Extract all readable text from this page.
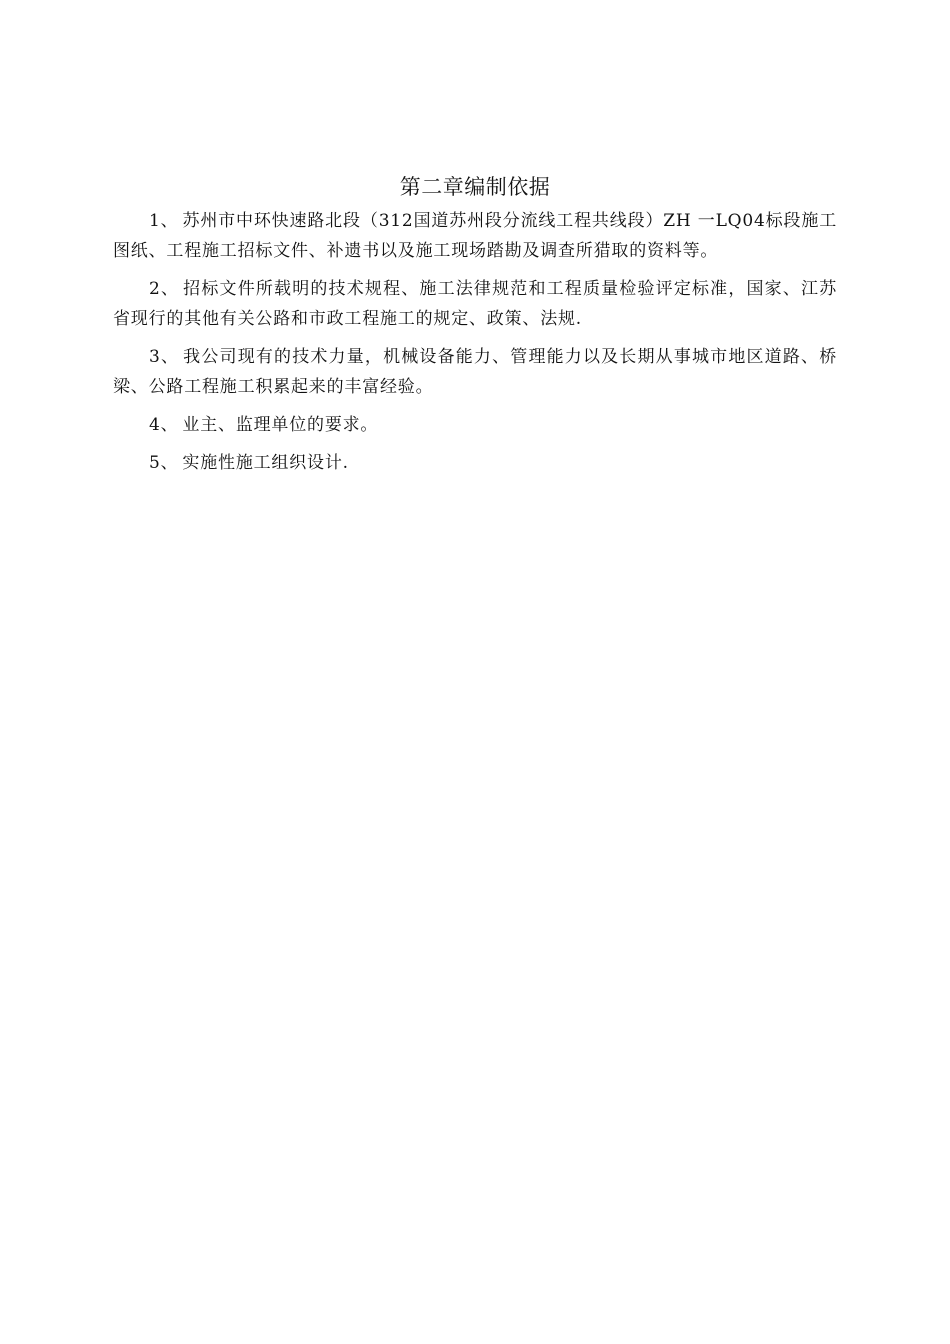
第二章编制依据

1、 苏州市中环快速路北段（312国道苏州段分流线工程共线段）ZH 一LQ04标段施工图纸、工程施工招标文件、补遗书以及施工现场踏勘及调查所猎取的资料等。

2、 招标文件所载明的技术规程、施工法律规范和工程质量检验评定标准，国家、江苏省现行的其他有关公路和市政工程施工的规定、政策、法规.

3、 我公司现有的技术力量，机械设备能力、管理能力以及长期从事城市地区道路、桥梁、公路工程施工积累起来的丰富经验。

4、 业主、监理单位的要求。

5、 实施性施工组织设计.
